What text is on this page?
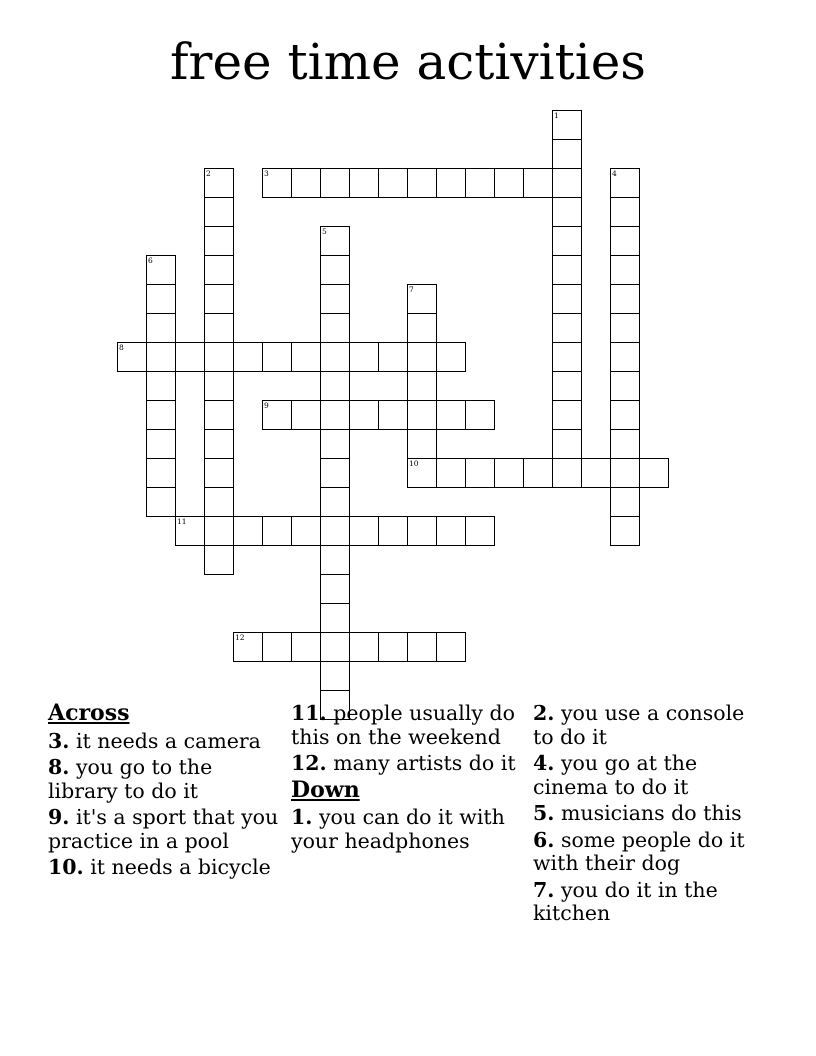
free time activities
1
2	3	4
5
6
7
10
8
9
11
12
Across
3. it needs a camera
8. you go to the library to do it
9. it's a sport that you practice in a pool
10. it needs a bicycle
11. people usually do this on the weekend
12. many artists do it
Down
1. you can do it with your headphones
2. you use a console to do it
4. you go at the cinema to do it
5. musicians do this
6. some people do it with their dog
7. you do it in the kitchen
